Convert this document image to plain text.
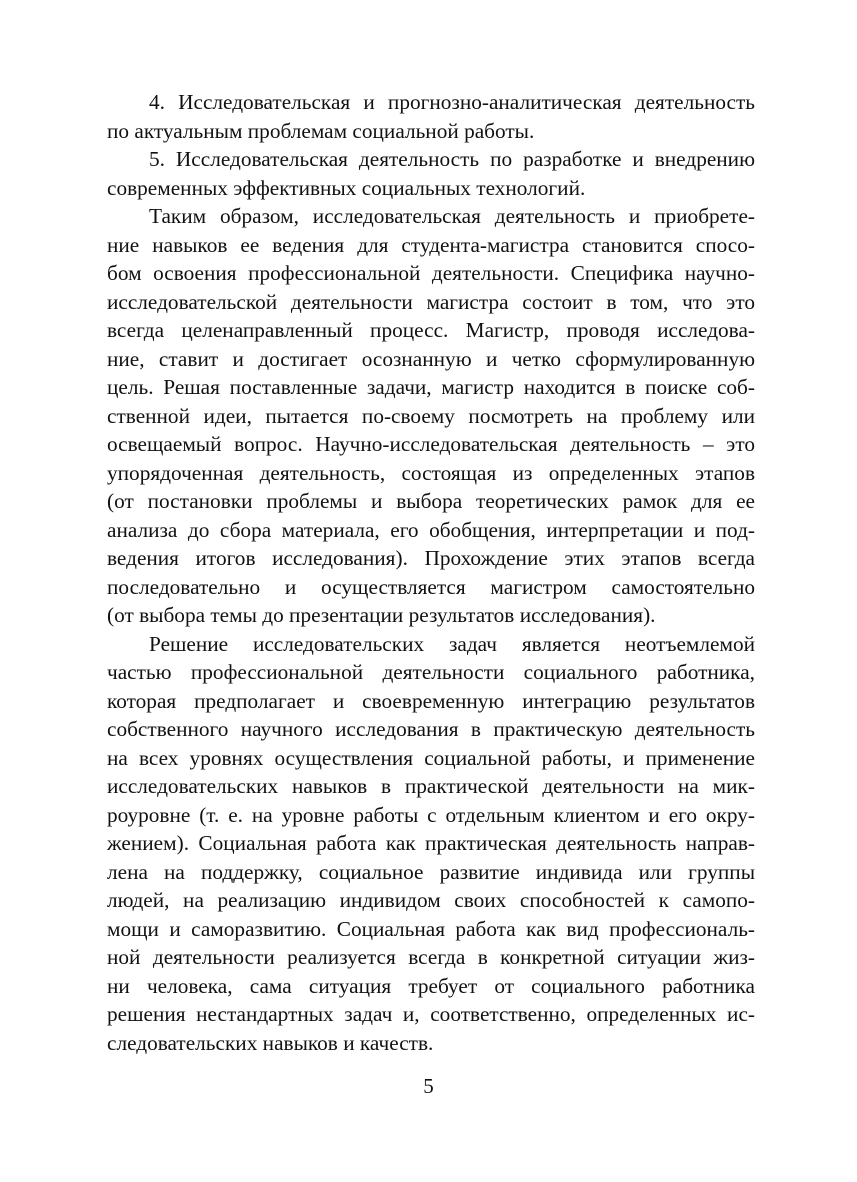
4. Исследовательская и прогнозно-аналитическая деятельность
по актуальным проблемам социальной работы.
5. Исследовательская деятельность по разработке и внедрению
современных эффективных социальных технологий.
Таким образом, исследовательская деятельность и приобрете-
ние навыков ее ведения для студента-магистра становится спосо-
бом освоения профессиональной деятельности. Специфика научно-
исследовательской деятельности магистра состоит в том, что это
всегда целенаправленный процесс. Магистр, проводя исследова-
ние, ставит и достигает осознанную и четко сформулированную
цель. Решая поставленные задачи, магистр находится в поиске соб-
ственной идеи, пытается по-своему посмотреть на проблему или
освещаемый вопрос. Научно-исследовательская деятельность – это
упорядоченная деятельность, состоящая из определенных этапов
(от постановки проблемы и выбора теоретических рамок для ее
анализа до сбора материала, его обобщения, интерпретации и под-
ведения итогов исследования). Прохождение этих этапов всегда
последовательно и осуществляется магистром самостоятельно
(от выбора темы до презентации результатов исследования).
Решение исследовательских задач является неотъемлемой
частью профессиональной деятельности социального работника,
которая предполагает и своевременную интеграцию результатов
собственного научного исследования в практическую деятельность
на всех уровнях осуществления социальной работы, и применение
исследовательских навыков в практической деятельности на мик-
роуровне (т. е. на уровне работы с отдельным клиентом и его окру-
жением). Социальная работа как практическая деятельность направ-
лена на поддержку, социальное развитие индивида или группы
людей, на реализацию индивидом своих способностей к самопо-
мощи и саморазвитию. Социальная работа как вид профессиональ-
ной деятельности реализуется всегда в конкретной ситуации жиз-
ни человека, сама ситуация требует от социального работника
решения нестандартных задач и, соответственно, определенных ис-
следовательских навыков и качеств.
5
